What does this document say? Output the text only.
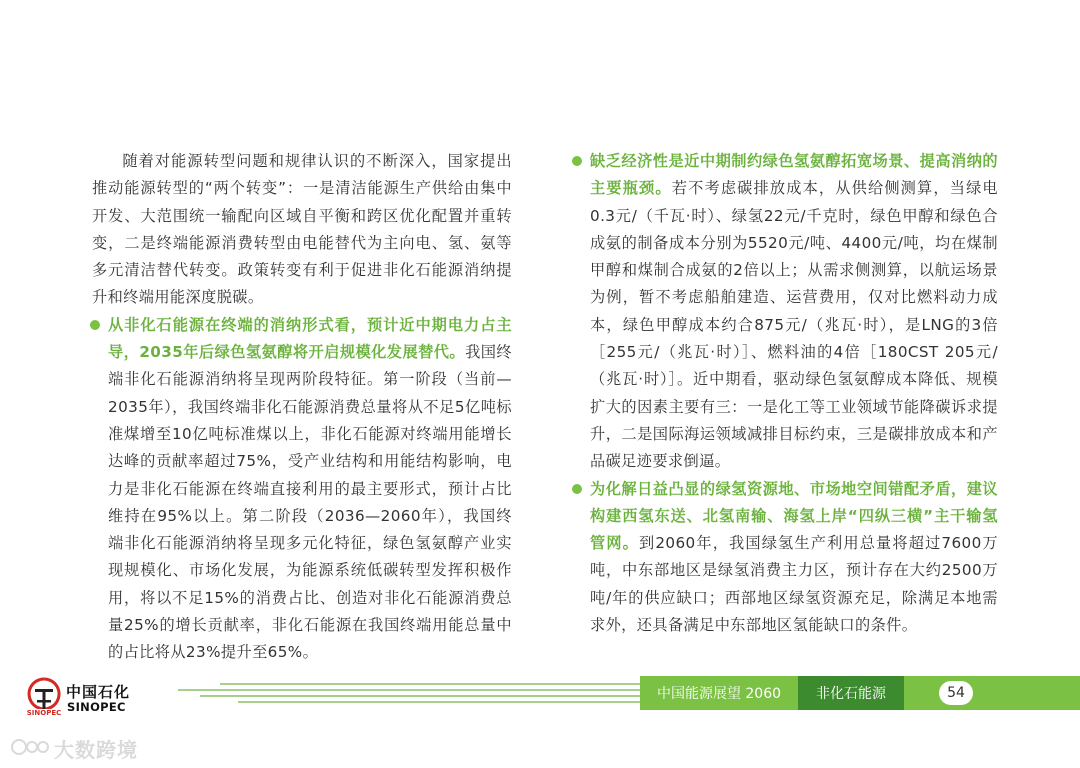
随着对能源转型问题和规律认识的不断深入，国家提出推动能源转型的“两个转变”：一是清洁能源生产供给由集中开发、大范围统一输配向区域自平衡和跨区优化配置并重转变，二是终端能源消费转型由电能替代为主向电、氢、氨等多元清洁替代转变。政策转变有利于促进非化石能源消纳提升和终端用能深度脱碳。

从非化石能源在终端的消纳形式看，预计近中期电力占主导，2035年后绿色氢氨醇将开启规模化发展替代。我国终端非化石能源消纳将呈现两阶段特征。第一阶段（当前—2035年），我国终端非化石能源消费总量将从不足5亿吨标准煤增至10亿吨标准煤以上，非化石能源对终端用能增长达峰的贡献率超过75%，受产业结构和用能结构影响，电力是非化石能源在终端直接利用的最主要形式，预计占比维持在95%以上。第二阶段（2036—2060年），我国终端非化石能源消纳将呈现多元化特征，绿色氢氨醇产业实现规模化、市场化发展，为能源系统低碳转型发挥积极作用，将以不足15%的消费占比、创造对非化石能源消费总量25%的增长贡献率，非化石能源在我国终端用能总量中的占比将从23%提升至65%。
缺乏经济性是近中期制约绿色氢氨醇拓宽场景、提高消纳的主要瓶颈。若不考虑碳排放成本，从供给侧测算，当绿电0.3元/（千瓦·时）、绿氢22元/千克时，绿色甲醇和绿色合成氨的制备成本分别为5520元/吨、4400元/吨，均在煤制甲醇和煤制合成氨的2倍以上；从需求侧测算，以航运场景为例，暂不考虑船舶建造、运营费用，仅对比燃料动力成本，绿色甲醇成本约合875元/（兆瓦·时），是LNG的3倍［255元/（兆瓦·时）］、燃料油的4倍［180CST 205元/（兆瓦·时）］。近中期看，驱动绿色氢氨醇成本降低、规模扩大的因素主要有三：一是化工等工业领域节能降碳诉求提升，二是国际海运领域减排目标约束，三是碳排放成本和产品碳足迹要求倒逼。
为化解日益凸显的绿氢资源地、市场地空间错配矛盾，建议构建西氢东送、北氢南输、海氢上岸“四纵三横”主干输氢管网。到2060年，我国绿氢生产利用总量将超过7600万吨，中东部地区是绿氢消费主力区，预计存在大约2500万吨/年的供应缺口；西部地区绿氢资源充足，除满足本地需求外，还具备满足中东部地区氢能缺口的条件。
SINOPEC
中国石化
SINOPEC
中国能源展望 2060	非化石能源	54
大数跨境
